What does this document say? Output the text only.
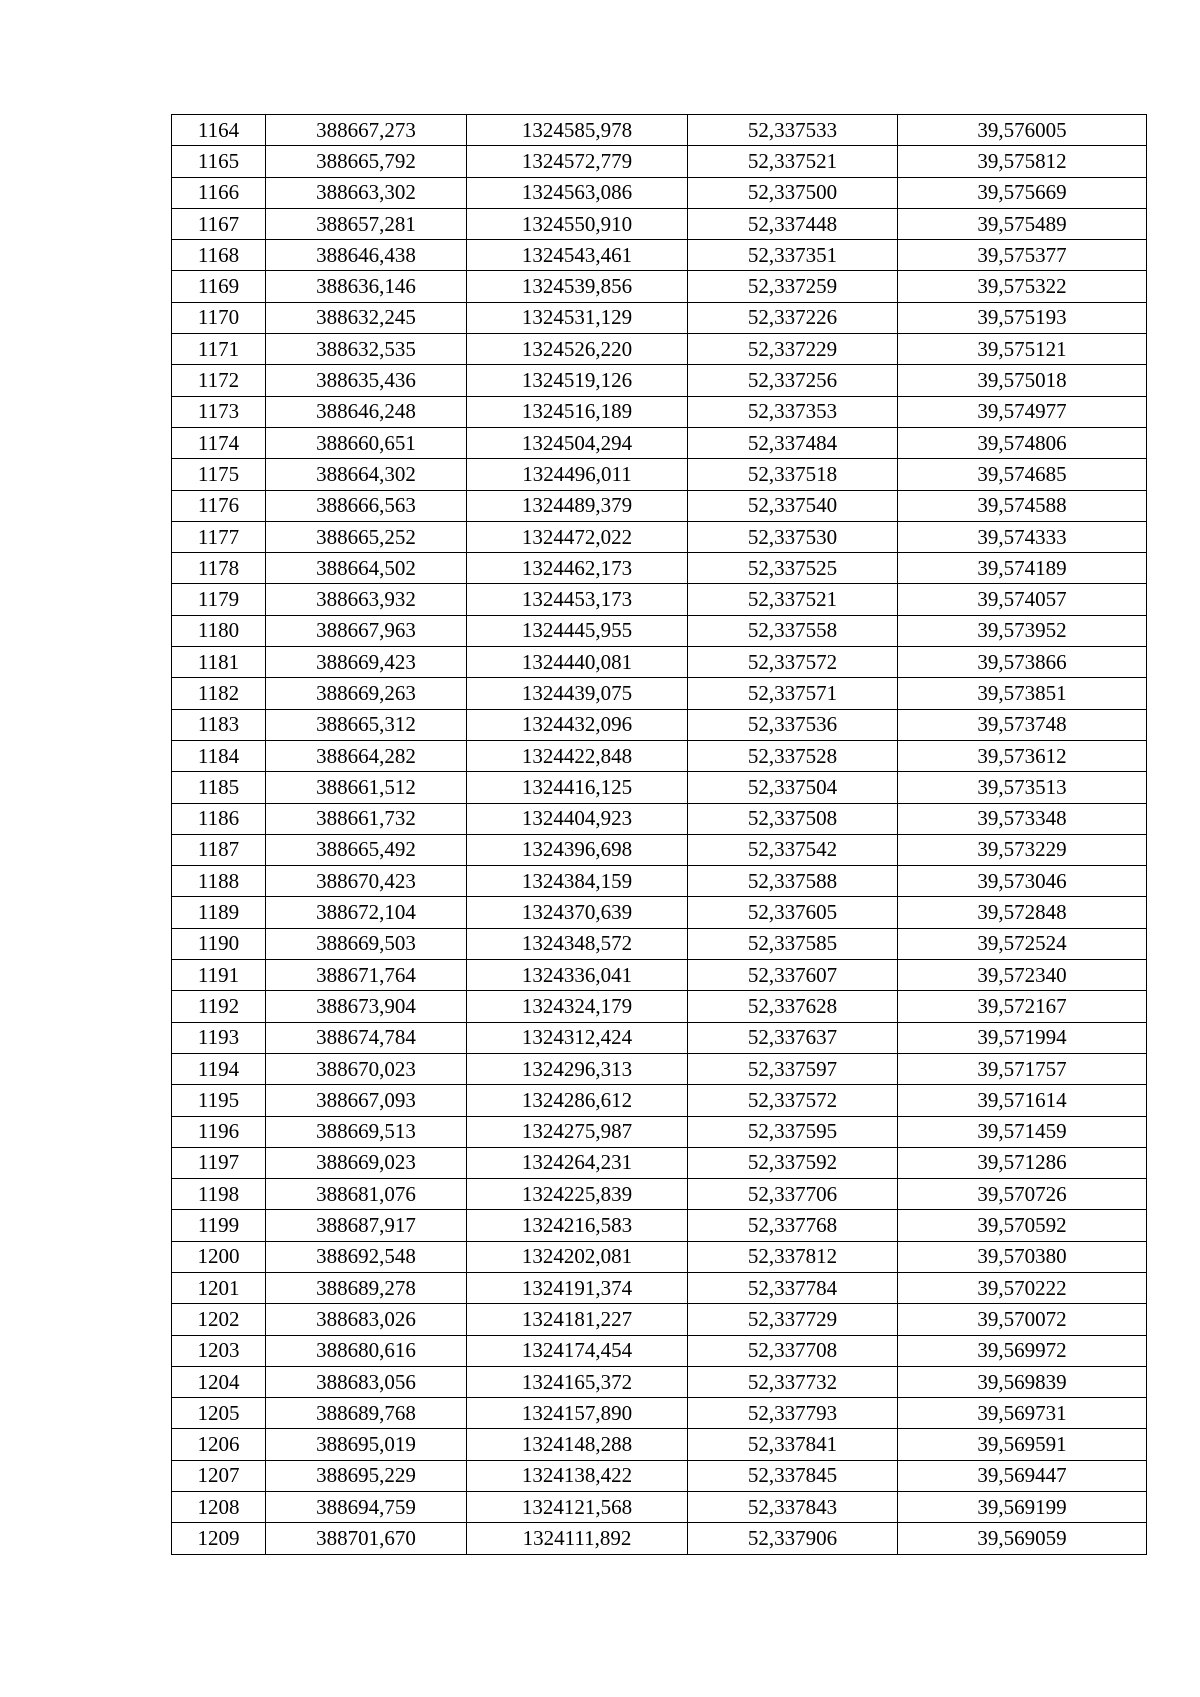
1164	388667,273	1324585,978	52,337533	39,576005
1165	388665,792	1324572,779	52,337521	39,575812
1166	388663,302	1324563,086	52,337500	39,575669
1167	388657,281	1324550,910	52,337448	39,575489
1168	388646,438	1324543,461	52,337351	39,575377
1169	388636,146	1324539,856	52,337259	39,575322
1170	388632,245	1324531,129	52,337226	39,575193
1171	388632,535	1324526,220	52,337229	39,575121
1172	388635,436	1324519,126	52,337256	39,575018
1173	388646,248	1324516,189	52,337353	39,574977
1174	388660,651	1324504,294	52,337484	39,574806
1175	388664,302	1324496,011	52,337518	39,574685
1176	388666,563	1324489,379	52,337540	39,574588
1177	388665,252	1324472,022	52,337530	39,574333
1178	388664,502	1324462,173	52,337525	39,574189
1179	388663,932	1324453,173	52,337521	39,574057
1180	388667,963	1324445,955	52,337558	39,573952
1181	388669,423	1324440,081	52,337572	39,573866
1182	388669,263	1324439,075	52,337571	39,573851
1183	388665,312	1324432,096	52,337536	39,573748
1184	388664,282	1324422,848	52,337528	39,573612
1185	388661,512	1324416,125	52,337504	39,573513
1186	388661,732	1324404,923	52,337508	39,573348
1187	388665,492	1324396,698	52,337542	39,573229
1188	388670,423	1324384,159	52,337588	39,573046
1189	388672,104	1324370,639	52,337605	39,572848
1190	388669,503	1324348,572	52,337585	39,572524
1191	388671,764	1324336,041	52,337607	39,572340
1192	388673,904	1324324,179	52,337628	39,572167
1193	388674,784	1324312,424	52,337637	39,571994
1194	388670,023	1324296,313	52,337597	39,571757
1195	388667,093	1324286,612	52,337572	39,571614
1196	388669,513	1324275,987	52,337595	39,571459
1197	388669,023	1324264,231	52,337592	39,571286
1198	388681,076	1324225,839	52,337706	39,570726
1199	388687,917	1324216,583	52,337768	39,570592
1200	388692,548	1324202,081	52,337812	39,570380
1201	388689,278	1324191,374	52,337784	39,570222
1202	388683,026	1324181,227	52,337729	39,570072
1203	388680,616	1324174,454	52,337708	39,569972
1204	388683,056	1324165,372	52,337732	39,569839
1205	388689,768	1324157,890	52,337793	39,569731
1206	388695,019	1324148,288	52,337841	39,569591
1207	388695,229	1324138,422	52,337845	39,569447
1208	388694,759	1324121,568	52,337843	39,569199
1209	388701,670	1324111,892	52,337906	39,569059
